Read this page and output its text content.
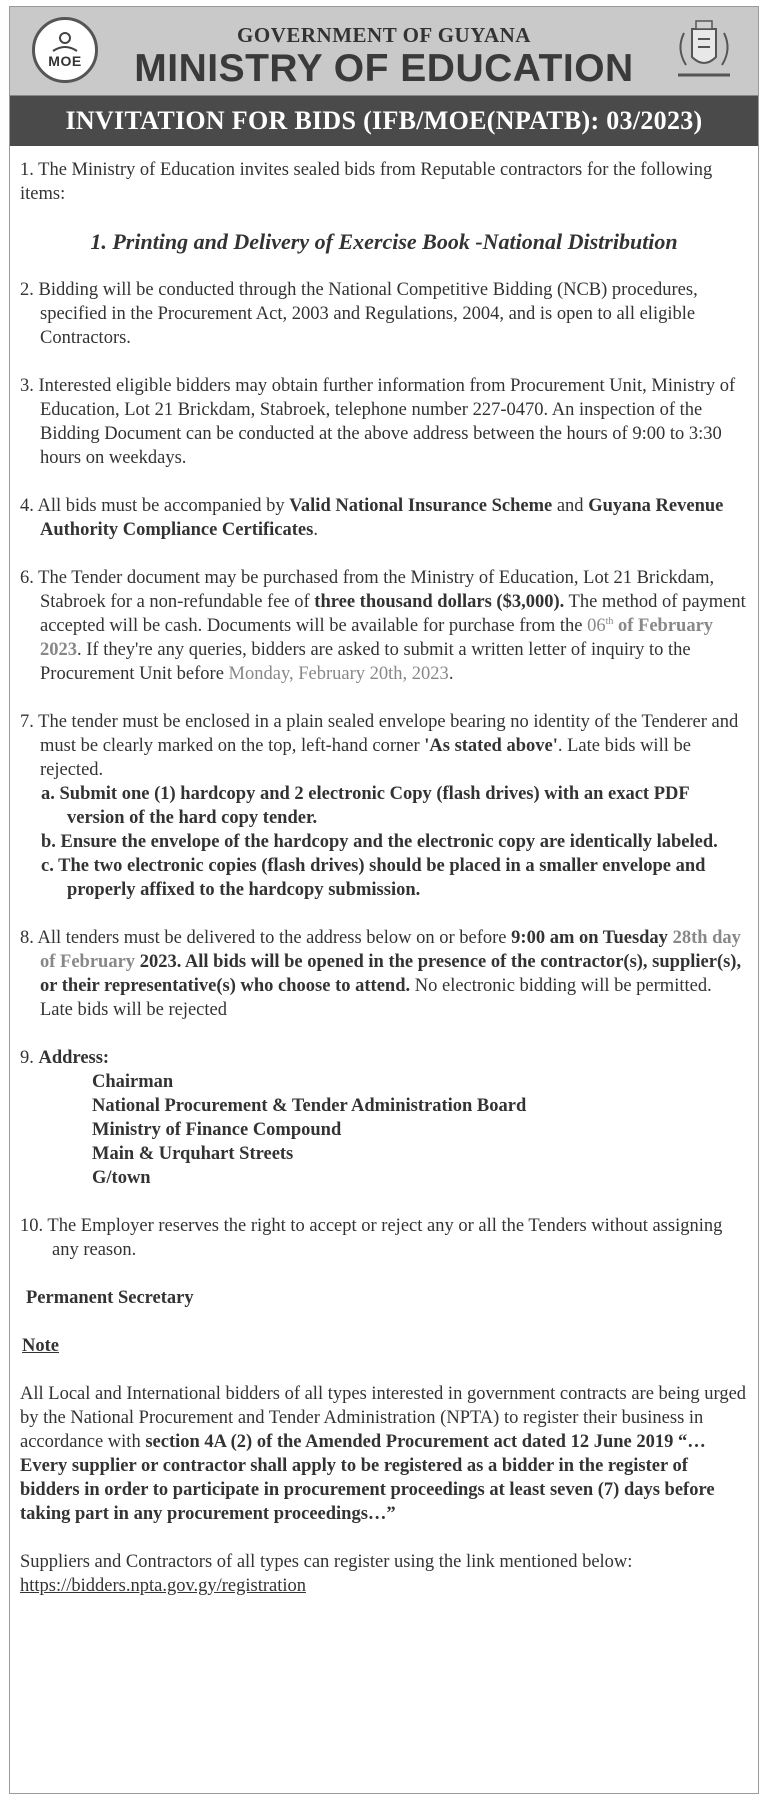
MOE
GOVERNMENT OF GUYANA
MINISTRY OF EDUCATION
INVITATION FOR BIDS (IFB/MOE(NPATB): 03/2023)

1. The Ministry of Education invites sealed bids from Reputable contractors for the following items:

1. Printing and Delivery of Exercise Book -National Distribution

2. Bidding will be conducted through the National Competitive Bidding (NCB) procedures, specified in the Procurement Act, 2003 and Regulations, 2004, and is open to all eligible Contractors.

3. Interested eligible bidders may obtain further information from Procurement Unit, Ministry of Education, Lot 21 Brickdam, Stabroek, telephone number 227-0470. An inspection of the Bidding Document can be conducted at the above address between the hours of 9:00 to 3:30 hours on weekdays.

4. All bids must be accompanied by Valid National Insurance Scheme and Guyana Revenue Authority Compliance Certificates.

6. The Tender document may be purchased from the Ministry of Education, Lot 21 Brickdam, Stabroek for a non-refundable fee of three thousand dollars ($3,000). The method of payment accepted will be cash. Documents will be available for purchase from the 06th of February 2023. If they're any queries, bidders are asked to submit a written letter of inquiry to the Procurement Unit before Monday, February 20th, 2023.

7. The tender must be enclosed in a plain sealed envelope bearing no identity of the Tenderer and must be clearly marked on the top, left-hand corner 'As stated above'. Late bids will be rejected.

a. Submit one (1) hardcopy and 2 electronic Copy (flash drives) with an exact PDF version of the hard copy tender.

b. Ensure the envelope of the hardcopy and the electronic copy are identically labeled.

c. The two electronic copies (flash drives) should be placed in a smaller envelope and properly affixed to the hardcopy submission.

8. All tenders must be delivered to the address below on or before 9:00 am on Tuesday 28th day of February 2023. All bids will be opened in the presence of the contractor(s), supplier(s), or their representative(s) who choose to attend. No electronic bidding will be permitted. Late bids will be rejected

9. Address:

Chairman

National Procurement & Tender Administration Board

Ministry of Finance Compound

Main & Urquhart Streets

G/town

10. The Employer reserves the right to accept or reject any or all the Tenders without assigning any reason.

Permanent Secretary

Note

All Local and International bidders of all types interested in government contracts are being urged by the National Procurement and Tender Administration (NPTA) to register their business in accordance with section 4A (2) of the Amended Procurement act dated 12 June 2019 “…Every supplier or contractor shall apply to be registered as a bidder in the register of bidders in order to participate in procurement proceedings at least seven (7) days before taking part in any procurement proceedings…”

Suppliers and Contractors of all types can register using the link mentioned below: https://bidders.npta.gov.gy/registration
